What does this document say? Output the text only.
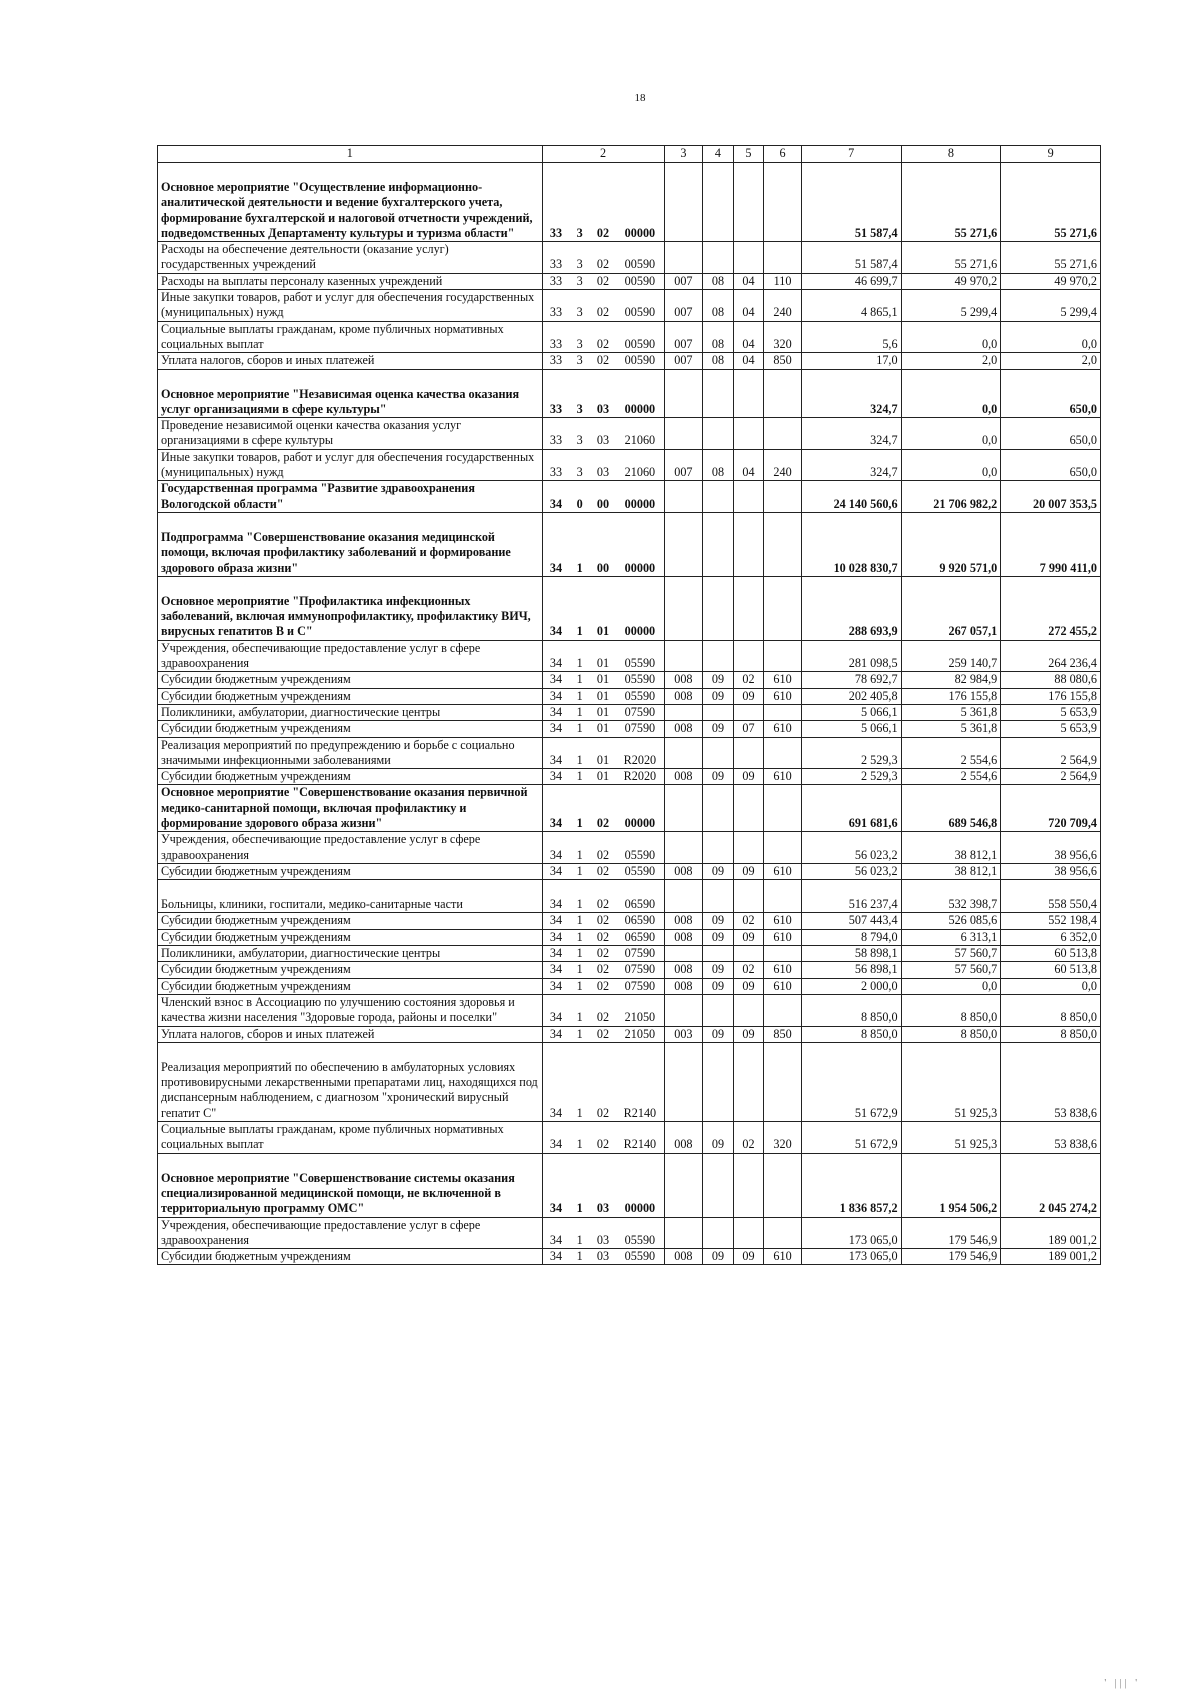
18
1	2				3	4	5	6	7	8	9
Основное мероприятие "Осуществление информационно-аналитической деятельности и ведение бухгалтерского учета, формирование бухгалтерской и налоговой отчетности учреждений, подведомственных Департаменту культуры и туризма области"	33	3	02	00000					51 587,4	55 271,6	55 271,6
Расходы на обеспечение деятельности (оказание услуг) государственных учреждений	33	3	02	00590					51 587,4	55 271,6	55 271,6
Расходы на выплаты персоналу казенных учреждений	33	3	02	00590	007	08	04	110	46 699,7	49 970,2	49 970,2
Иные закупки товаров, работ и услуг для обеспечения государственных (муниципальных) нужд	33	3	02	00590	007	08	04	240	4 865,1	5 299,4	5 299,4
Социальные выплаты гражданам, кроме публичных нормативных социальных выплат	33	3	02	00590	007	08	04	320	5,6	0,0	0,0
Уплата налогов, сборов и иных платежей	33	3	02	00590	007	08	04	850	17,0	2,0	2,0
Основное мероприятие "Независимая оценка качества оказания услуг организациями в сфере культуры"	33	3	03	00000					324,7	0,0	650,0
Проведение независимой оценки качества оказания услуг организациями в сфере культуры	33	3	03	21060					324,7	0,0	650,0
Иные закупки товаров, работ и услуг для обеспечения государственных (муниципальных) нужд	33	3	03	21060	007	08	04	240	324,7	0,0	650,0
Государственная программа "Развитие здравоохранения Вологодской области"	34	0	00	00000					24 140 560,6	21 706 982,2	20 007 353,5
Подпрограмма "Совершенствование оказания медицинской помощи, включая профилактику заболеваний и формирование здорового образа жизни"	34	1	00	00000					10 028 830,7	9 920 571,0	7 990 411,0
Основное мероприятие "Профилактика инфекционных заболеваний, включая иммунопрофилактику, профилактику ВИЧ, вирусных гепатитов В и С"	34	1	01	00000					288 693,9	267 057,1	272 455,2
Учреждения, обеспечивающие предоставление услуг в сфере здравоохранения	34	1	01	05590					281 098,5	259 140,7	264 236,4
Субсидии бюджетным учреждениям	34	1	01	05590	008	09	02	610	78 692,7	82 984,9	88 080,6
Субсидии бюджетным учреждениям	34	1	01	05590	008	09	09	610	202 405,8	176 155,8	176 155,8
Поликлиники, амбулатории, диагностические центры	34	1	01	07590					5 066,1	5 361,8	5 653,9
Субсидии бюджетным учреждениям	34	1	01	07590	008	09	07	610	5 066,1	5 361,8	5 653,9
Реализация мероприятий по предупреждению и борьбе с социально значимыми инфекционными заболеваниями	34	1	01	R2020					2 529,3	2 554,6	2 564,9
Субсидии бюджетным учреждениям	34	1	01	R2020	008	09	09	610	2 529,3	2 554,6	2 564,9
Основное мероприятие "Совершенствование оказания первичной медико-санитарной помощи, включая профилактику и формирование здорового образа жизни"	34	1	02	00000					691 681,6	689 546,8	720 709,4
Учреждения, обеспечивающие предоставление услуг в сфере здравоохранения	34	1	02	05590					56 023,2	38 812,1	38 956,6
Субсидии бюджетным учреждениям	34	1	02	05590	008	09	09	610	56 023,2	38 812,1	38 956,6
Больницы, клиники, госпитали, медико-санитарные части	34	1	02	06590					516 237,4	532 398,7	558 550,4
Субсидии бюджетным учреждениям	34	1	02	06590	008	09	02	610	507 443,4	526 085,6	552 198,4
Субсидии бюджетным учреждениям	34	1	02	06590	008	09	09	610	8 794,0	6 313,1	6 352,0
Поликлиники, амбулатории, диагностические центры	34	1	02	07590					58 898,1	57 560,7	60 513,8
Субсидии бюджетным учреждениям	34	1	02	07590	008	09	02	610	56 898,1	57 560,7	60 513,8
Субсидии бюджетным учреждениям	34	1	02	07590	008	09	09	610	2 000,0	0,0	0,0
Членский взнос в Ассоциацию по улучшению состояния здоровья и качества жизни населения "Здоровые города, районы и поселки"	34	1	02	21050					8 850,0	8 850,0	8 850,0
Уплата налогов, сборов и иных платежей	34	1	02	21050	003	09	09	850	8 850,0	8 850,0	8 850,0
Реализация мероприятий по обеспечению в амбулаторных условиях противовирусными лекарственными препаратами лиц, находящихся под диспансерным наблюдением, с диагнозом "хронический вирусный гепатит С"	34	1	02	R2140					51 672,9	51 925,3	53 838,6
Социальные выплаты гражданам, кроме публичных нормативных социальных выплат	34	1	02	R2140	008	09	02	320	51 672,9	51 925,3	53 838,6
Основное мероприятие "Совершенствование системы оказания специализированной медицинской помощи, не включенной в территориальную программу ОМС"	34	1	03	00000					1 836 857,2	1 954 506,2	2 045 274,2
Учреждения, обеспечивающие предоставление услуг в сфере здравоохранения	34	1	03	05590					173 065,0	179 546,9	189 001,2
Субсидии бюджетным учреждениям	34	1	03	05590	008	09	09	610	173 065,0	179 546,9	189 001,2
' ||| '
